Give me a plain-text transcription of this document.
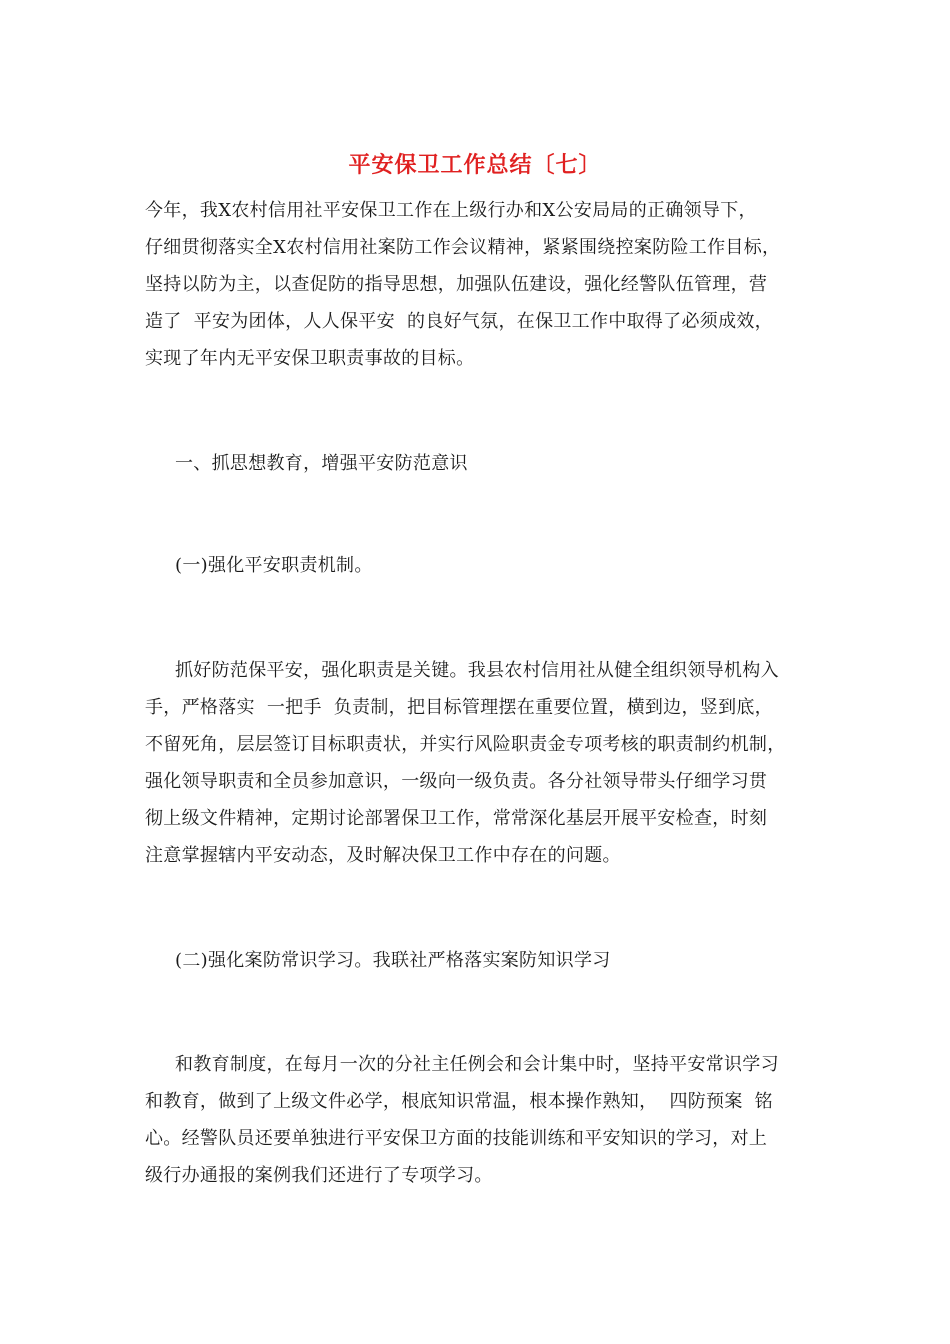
平安保卫工作总结〔七〕
今年，我X农村信用社平安保卫工作在上级行办和X公安局局的正确领导下，
仔细贯彻落实全X农村信用社案防工作会议精神，紧紧围绕控案防险工作目标，
坚持以防为主，以查促防的指导思想，加强队伍建设，强化经警队伍管理，营
造了  平安为团体，人人保平安  的良好气氛，在保卫工作中取得了必须成效，
实现了年内无平安保卫职责事故的目标。
一、抓思想教育，增强平安防范意识
(一)强化平安职责机制。
抓好防范保平安，强化职责是关键。我县农村信用社从健全组织领导机构入
手，严格落实  一把手  负责制，把目标管理摆在重要位置，横到边，竖到底，
不留死角，层层签订目标职责状，并实行风险职责金专项考核的职责制约机制，
强化领导职责和全员参加意识，一级向一级负责。各分社领导带头仔细学习贯
彻上级文件精神，定期讨论部署保卫工作，常常深化基层开展平安检查，时刻
注意掌握辖内平安动态，及时解决保卫工作中存在的问题。
(二)强化案防常识学习。我联社严格落实案防知识学习
和教育制度，在每月一次的分社主任例会和会计集中时，坚持平安常识学习
和教育，做到了上级文件必学，根底知识常温，根本操作熟知，  四防预案  铭
心。经警队员还要单独进行平安保卫方面的技能训练和平安知识的学习，对上
级行办通报的案例我们还进行了专项学习。
